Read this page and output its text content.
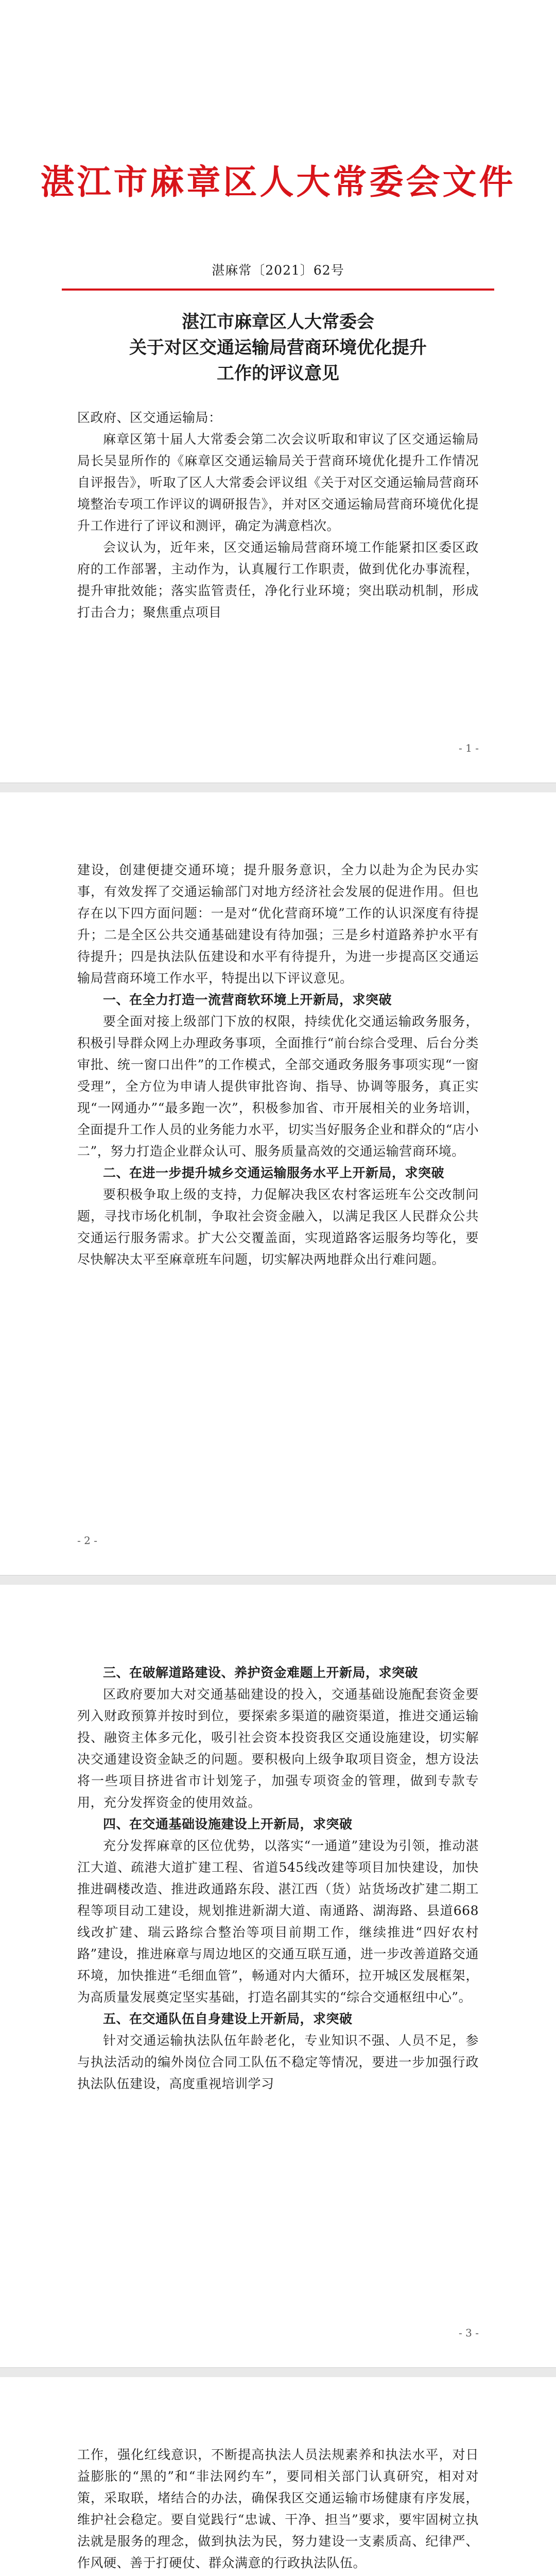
湛江市麻章区人大常委会文件
湛麻常〔2021〕62号
湛江市麻章区人大常委会
关于对区交通运输局营商环境优化提升
工作的评议意见

区政府、区交通运输局：

麻章区第十届人大常委会第二次会议听取和审议了区交通运输局局长吴显所作的《麻章区交通运输局关于营商环境优化提升工作情况自评报告》，听取了区人大常委会评议组《关于对区交通运输局营商环境整治专项工作评议的调研报告》，并对区交通运输局营商环境优化提升工作进行了评议和测评，确定为满意档次。

会议认为，近年来，区交通运输局营商环境工作能紧扣区委区政府的工作部署，主动作为，认真履行工作职责，做到优化办事流程，提升审批效能；落实监管责任，净化行业环境；突出联动机制，形成打击合力；聚焦重点项目

- 1 -

建设，创建便捷交通环境；提升服务意识，全力以赴为企为民办实事，有效发挥了交通运输部门对地方经济社会发展的促进作用。但也存在以下四方面问题：一是对“优化营商环境”工作的认识深度有待提升；二是全区公共交通基础建设有待加强；三是乡村道路养护水平有待提升；四是执法队伍建设和水平有待提升，为进一步提高区交通运输局营商环境工作水平，特提出以下评议意见。

一、在全力打造一流营商软环境上开新局，求突破

要全面对接上级部门下放的权限，持续优化交通运输政务服务，积极引导群众网上办理政务事项，全面推行“前台综合受理、后台分类审批、统一窗口出件”的工作模式，全部交通政务服务事项实现“一窗受理”，全方位为申请人提供审批咨询、指导、协调等服务，真正实现“一网通办”“最多跑一次”，积极参加省、市开展相关的业务培训，全面提升工作人员的业务能力水平，切实当好服务企业和群众的“店小二”，努力打造企业群众认可、服务质量高效的交通运输营商环境。

二、在进一步提升城乡交通运输服务水平上开新局，求突破

要积极争取上级的支持，力促解决我区农村客运班车公交改制问题，寻找市场化机制，争取社会资金融入，以满足我区人民群众公共交通运行服务需求。扩大公交覆盖面，实现道路客运服务均等化，要尽快解决太平至麻章班车问题，切实解决两地群众出行难问题。

- 2 -

三、在破解道路建设、养护资金难题上开新局，求突破

区政府要加大对交通基础建设的投入，交通基础设施配套资金要列入财政预算并按时到位，要探索多渠道的融资渠道，推进交通运输投、融资主体多元化，吸引社会资本投资我区交通设施建设，切实解决交通建设资金缺乏的问题。要积极向上级争取项目资金，想方设法将一些项目挤进省市计划笼子，加强专项资金的管理，做到专款专用，充分发挥资金的使用效益。

四、在交通基础设施建设上开新局，求突破

充分发挥麻章的区位优势，以落实“一通道”建设为引领，推动湛江大道、疏港大道扩建工程、省道545线改建等项目加快建设，加快推进碉楼改造、推进政通路东段、湛江西（货）站货场改扩建二期工程等项目动工建设，规划推进新湖大道、南通路、湖海路、县道668线改扩建、瑞云路综合整治等项目前期工作，继续推进“四好农村路”建设，推进麻章与周边地区的交通互联互通，进一步改善道路交通环境，加快推进“毛细血管”，畅通对内大循环，拉开城区发展框架，为高质量发展奠定坚实基础，打造名副其实的“综合交通枢纽中心”。

五、在交通队伍自身建设上开新局，求突破

针对交通运输执法队伍年龄老化，专业知识不强、人员不足，参与执法活动的编外岗位合同工队伍不稳定等情况，要进一步加强行政执法队伍建设，高度重视培训学习

- 3 -

工作，强化红线意识，不断提高执法人员法规素养和执法水平，对日益膨胀的“黑的”和“非法网约车”，要同相关部门认真研究，相对对策，采取联，堵结合的办法，确保我区交通运输市场健康有序发展，维护社会稳定。要自觉践行“忠诚、干净、担当”要求，要牢固树立执法就是服务的理念，做到执法为民，努力建设一支素质高、纪律严、作风硬、善于打硬仗、群众满意的行政执法队伍。
